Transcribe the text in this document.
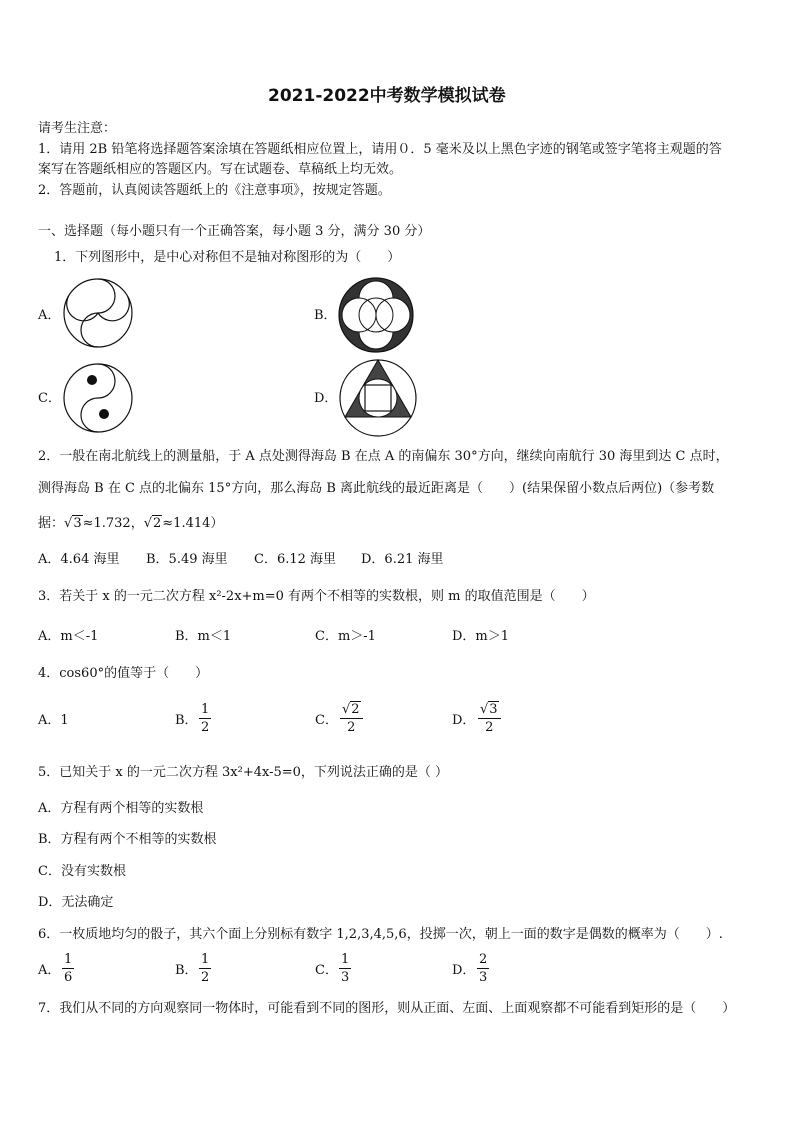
2021-2022中考数学模拟试卷
请考生注意：
1．请用 2B 铅笔将选择题答案涂填在答题纸相应位置上，请用０．5 毫米及以上黑色字迹的钢笔或签字笔将主观题的答
案写在答题纸相应的答题区内。写在试题卷、草稿纸上均无效。
2．答题前，认真阅读答题纸上的《注意事项》，按规定答题。
一、选择题（每小题只有一个正确答案，每小题 3 分，满分 30 分）
1．下列图形中，是中心对称但不是轴对称图形的为（　　）
A．	B．
C．	D．
2．一般在南北航线上的测量船，于 A 点处测得海岛 B 在点 A 的南偏东 30°方向，继续向南航行 30 海里到达 C 点时，
测得海岛 B 在 C 点的北偏东 15°方向，那么海岛 B 离此航线的最近距离是（　　）(结果保留小数点后两位)（参考数
据：√3≈1.732，√2≈1.414）
A．4.64 海里 B．5.49 海里 C．6.12 海里 D．6.21 海里
3．若关于 x 的一元二次方程 x²-2x+m=0 有两个不相等的实数根，则 m 的取值范围是（　　）
A．m＜-1	B．m＜1	C．m＞-1	D．m＞1
4．cos60°的值等于（　　）
A．1	B．
1
2	C．
√2
2	D．
√3
2
5．已知关于 x 的一元二次方程 3x²+4x-5=0，下列说法正确的是（ ）
A．方程有两个相等的实数根
B．方程有两个不相等的实数根
C．没有实数根
D．无法确定
6．一枚质地均匀的骰子，其六个面上分别标有数字 1,2,3,4,5,6，投掷一次，朝上一面的数字是偶数的概率为（　　）.
A．
1
6	B．
1
2	C．
1
3	D．
2
3
7．我们从不同的方向观察同一物体时，可能看到不同的图形，则从正面、左面、上面观察都不可能看到矩形的是（　　）
